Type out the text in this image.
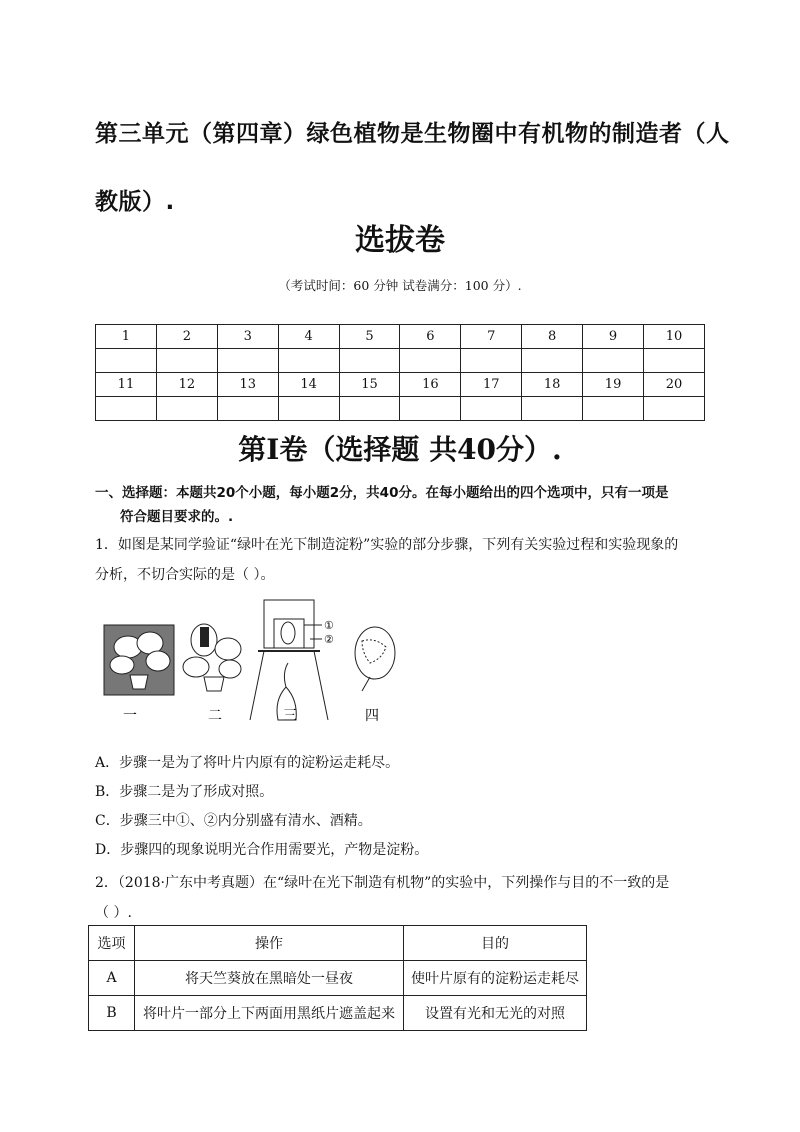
第三单元（第四章）绿色植物是生物圈中有机物的制造者（人教版）.
选拔卷
（考试时间：60 分钟 试卷满分：100 分）.
1	2	3	4	5	6	7	8	9	10

11	12	13	14	15	16	17	18	19	20

第Ⅰ卷（选择题 共40分）.
一、选择题：本题共20个小题，每小题2分，共40分。在每小题给出的四个选项中，只有一项是
符合题目要求的。.
1．如图是某同学验证“绿叶在光下制造淀粉”实验的部分步骤，下列有关实验过程和实验现象的
分析，不切合实际的是（ ）。
①
②
一	二	三	四
A．步骤一是为了将叶片内原有的淀粉运走耗尽。
B．步骤二是为了形成对照。
C．步骤三中①、②内分别盛有清水、酒精。
D．步骤四的现象说明光合作用需要光，产物是淀粉。
2．（2018·广东中考真题）在“绿叶在光下制造有机物”的实验中，下列操作与目的不一致的是
（ ）.
选项	操作	目的
A	将天竺葵放在黑暗处一昼夜	使叶片原有的淀粉运走耗尽
B	将叶片一部分上下两面用黑纸片遮盖起来	设置有光和无光的对照
